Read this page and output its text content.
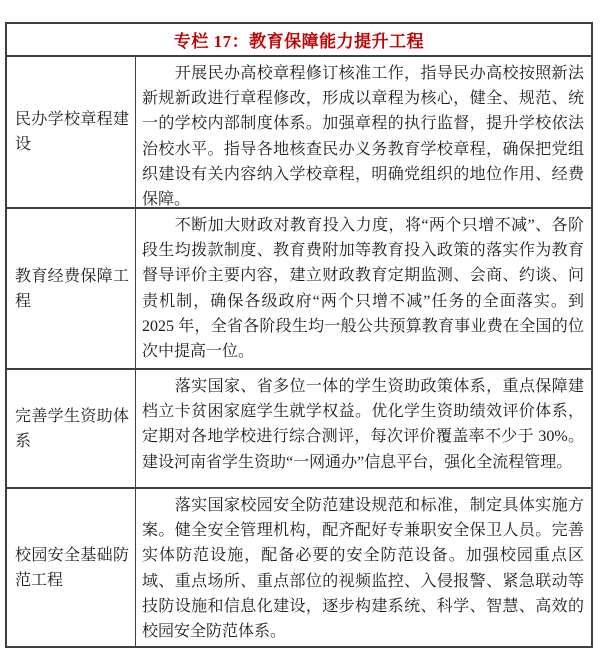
专栏 17：教育保障能力提升工程
民办学校章程建设
开展民办高校章程修订核准工作，指导民办高校按照新法新规新政进行章程修改，形成以章程为核心，健全、规范、统一的学校内部制度体系。加强章程的执行监督，提升学校依法治校水平。指导各地核查民办义务教育学校章程，确保把党组织建设有关内容纳入学校章程，明确党组织的地位作用、经费保障。
教育经费保障工程
不断加大财政对教育投入力度，将“两个只增不减”、各阶段生均拨款制度、教育费附加等教育投入政策的落实作为教育督导评价主要内容，建立财政教育定期监测、会商、约谈、问责机制，确保各级政府“两个只增不减”任务的全面落实。到 2025 年，全省各阶段生均一般公共预算教育事业费在全国的位次中提高一位。
完善学生资助体系
落实国家、省多位一体的学生资助政策体系，重点保障建档立卡贫困家庭学生就学权益。优化学生资助绩效评价体系，定期对各地学校进行综合测评，每次评价覆盖率不少于 30%。建设河南省学生资助“一网通办”信息平台，强化全流程管理。
校园安全基础防范工程
落实国家校园安全防范建设规范和标准，制定具体实施方案。健全安全管理机构，配齐配好专兼职安全保卫人员。完善实体防范设施，配备必要的安全防范设备。加强校园重点区域、重点场所、重点部位的视频监控、入侵报警、紧急联动等技防设施和信息化建设，逐步构建系统、科学、智慧、高效的校园安全防范体系。
